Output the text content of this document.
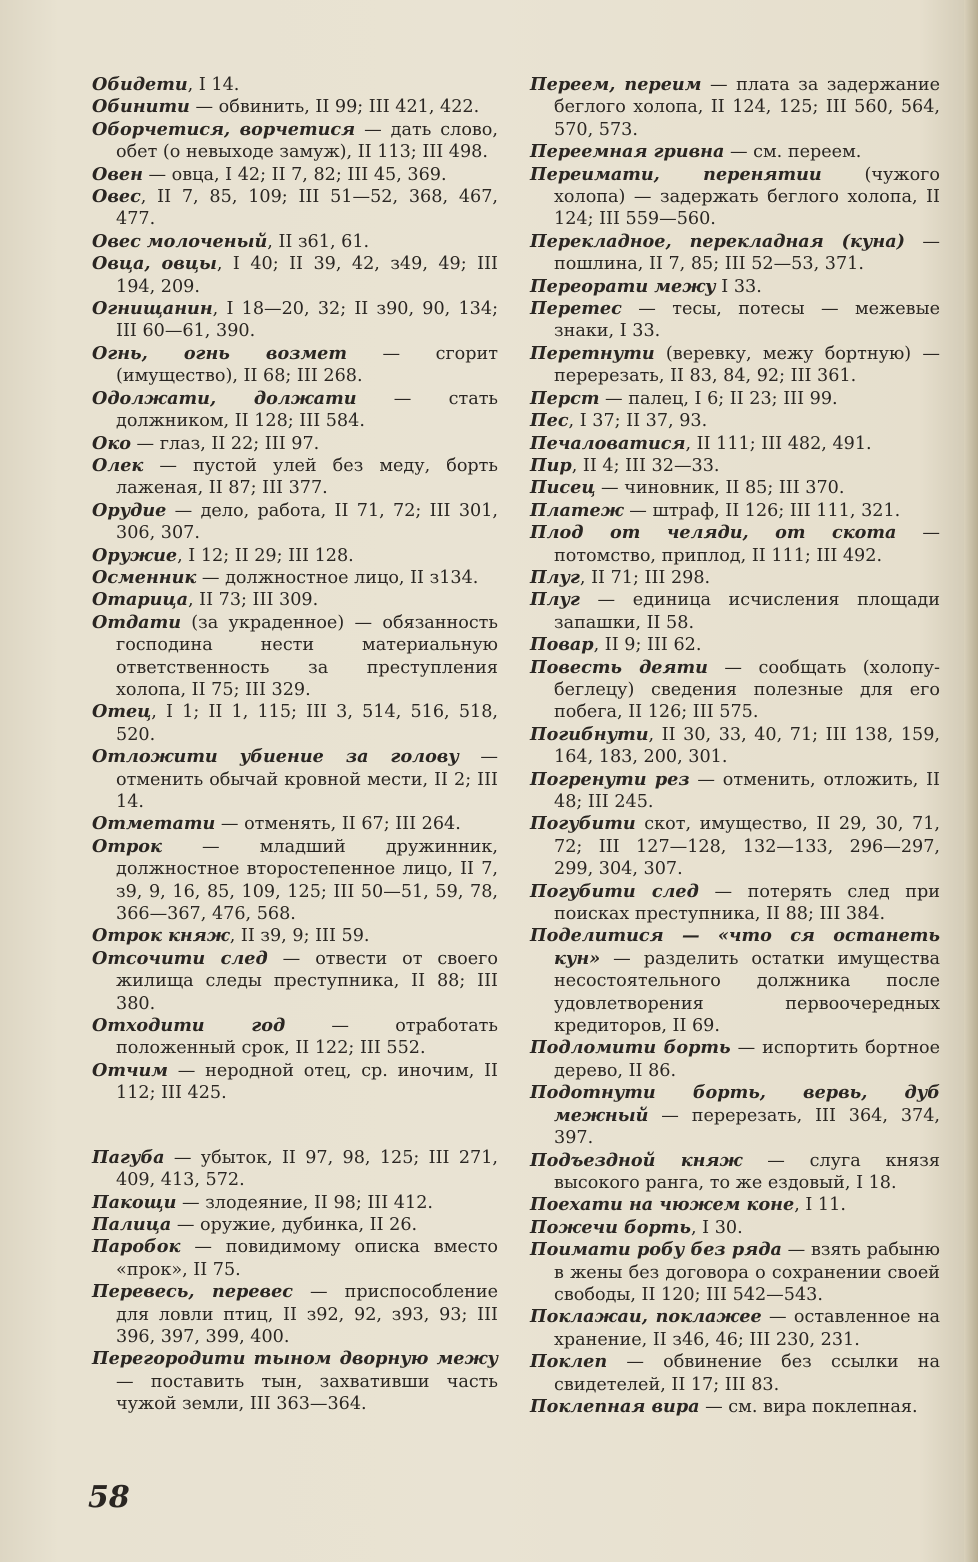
Обидети, I 14.

Обинити — обвинить, II 99; III 421, 422.

Оборчетися, ворчетися — дать слово, обет (о невыходе замуж), II 113; III 498.

Овен — овца, I 42; II 7, 82; III 45, 369.

Овес, II 7, 85, 109; III 51—52, 368, 467, 477.

Овес молоченый, II з61, 61.

Овца, овцы, I 40; II 39, 42, з49, 49; III 194, 209.

Огнищанин, I 18—20, 32; II з90, 90, 134; III 60—61, 390.

Огнь, огнь возмет — сгорит (имущество), II 68; III 268.

Одолжати, должати — стать должником, II 128; III 584.

Око — глаз, II 22; III 97.

Олек — пустой улей без меду, борть лаженая, II 87; III 377.

Орудие — дело, работа, II 71, 72; III 301, 306, 307.

Оружие, I 12; II 29; III 128.

Осменник — должностное лицо, II з134.

Отарица, II 73; III 309.

Отдати (за украденное) — обязанность господина нести материальную ответственность за преступления холопа, II 75; III 329.

Отец, I 1; II 1, 115; III 3, 514, 516, 518, 520.

Отложити убиение за голову — отменить обычай кровной мести, II 2; III 14.

Отметати — отменять, II 67; III 264.

Отрок — младший дружинник, должностное второстепенное лицо, II 7, з9, 9, 16, 85, 109, 125; III 50—51, 59, 78, 366—367, 476, 568.

Отрок княж, II з9, 9; III 59.

Отсочити след — отвести от своего жилища следы преступника, II 88; III 380.

Отходити год — отработать положенный срок, II 122; III 552.

Отчим — неродной отец, ср. иночим, II 112; III 425.

Пагуба — убыток, II 97, 98, 125; III 271, 409, 413, 572.

Пакощи — злодеяние, II 98; III 412.

Палица — оружие, дубинка, II 26.

Паробок — повидимому описка вместо «прок», II 75.

Перевесь, перевес — приспособление для ловли птиц, II з92, 92, з93, 93; III 396, 397, 399, 400.

Перегородити тыном дворную межу — поставить тын, захвативши часть чужой земли, III 363—364.

Переем, переим — плата за задержание беглого холопа, II 124, 125; III 560, 564, 570, 573.

Переемная гривна — см. переем.

Переимати, перенятии (чужого холопа) — задержать беглого холопа, II 124; III 559—560.

Перекладное, перекладная (куна) — пошлина, II 7, 85; III 52—53, 371.

Переорати межу I 33.

Перетес — тесы, потесы — межевые знаки, I 33.

Перетнути (веревку, межу бортную) — перерезать, II 83, 84, 92; III 361.

Перст — палец, I 6; II 23; III 99.

Пес, I 37; II 37, 93.

Печаловатися, II 111; III 482, 491.

Пир, II 4; III 32—33.

Писец — чиновник, II 85; III 370.

Платеж — штраф, II 126; III 111, 321.

Плод от челяди, от скота — потомство, приплод, II 111; III 492.

Плуг, II 71; III 298.

Плуг — единица исчисления площади запашки, II 58.

Повар, II 9; III 62.

Повесть деяти — сообщать (холопу-беглецу) сведения полезные для его побега, II 126; III 575.

Погибнути, II 30, 33, 40, 71; III 138, 159, 164, 183, 200, 301.

Погренути рез — отменить, отложить, II 48; III 245.

Погубити скот, имущество, II 29, 30, 71, 72; III 127—128, 132—133, 296—297, 299, 304, 307.

Погубити след — потерять след при поисках преступника, II 88; III 384.

Поделитися — «что ся останеть кун» — разделить остатки имущества несостоятельного должника после удовлетворения первоочередных кредиторов, II 69.

Подломити борть — испортить бортное дерево, II 86.

Подотнути борть, вервь, дуб межный — перерезать, III 364, 374, 397.

Подъездной княж — слуга князя высокого ранга, то же ездовый, I 18.

Поехати на чюжем коне, I 11.

Пожечи борть, I 30.

Поимати робу без ряда — взять рабыню в жены без договора о сохранении своей свободы, II 120; III 542—543.

Поклажаи, поклажее — оставленное на хранение, II з46, 46; III 230, 231.

Поклеп — обвинение без ссылки на свидетелей, II 17; III 83.

Поклепная вира — см. вира поклепная.

58
